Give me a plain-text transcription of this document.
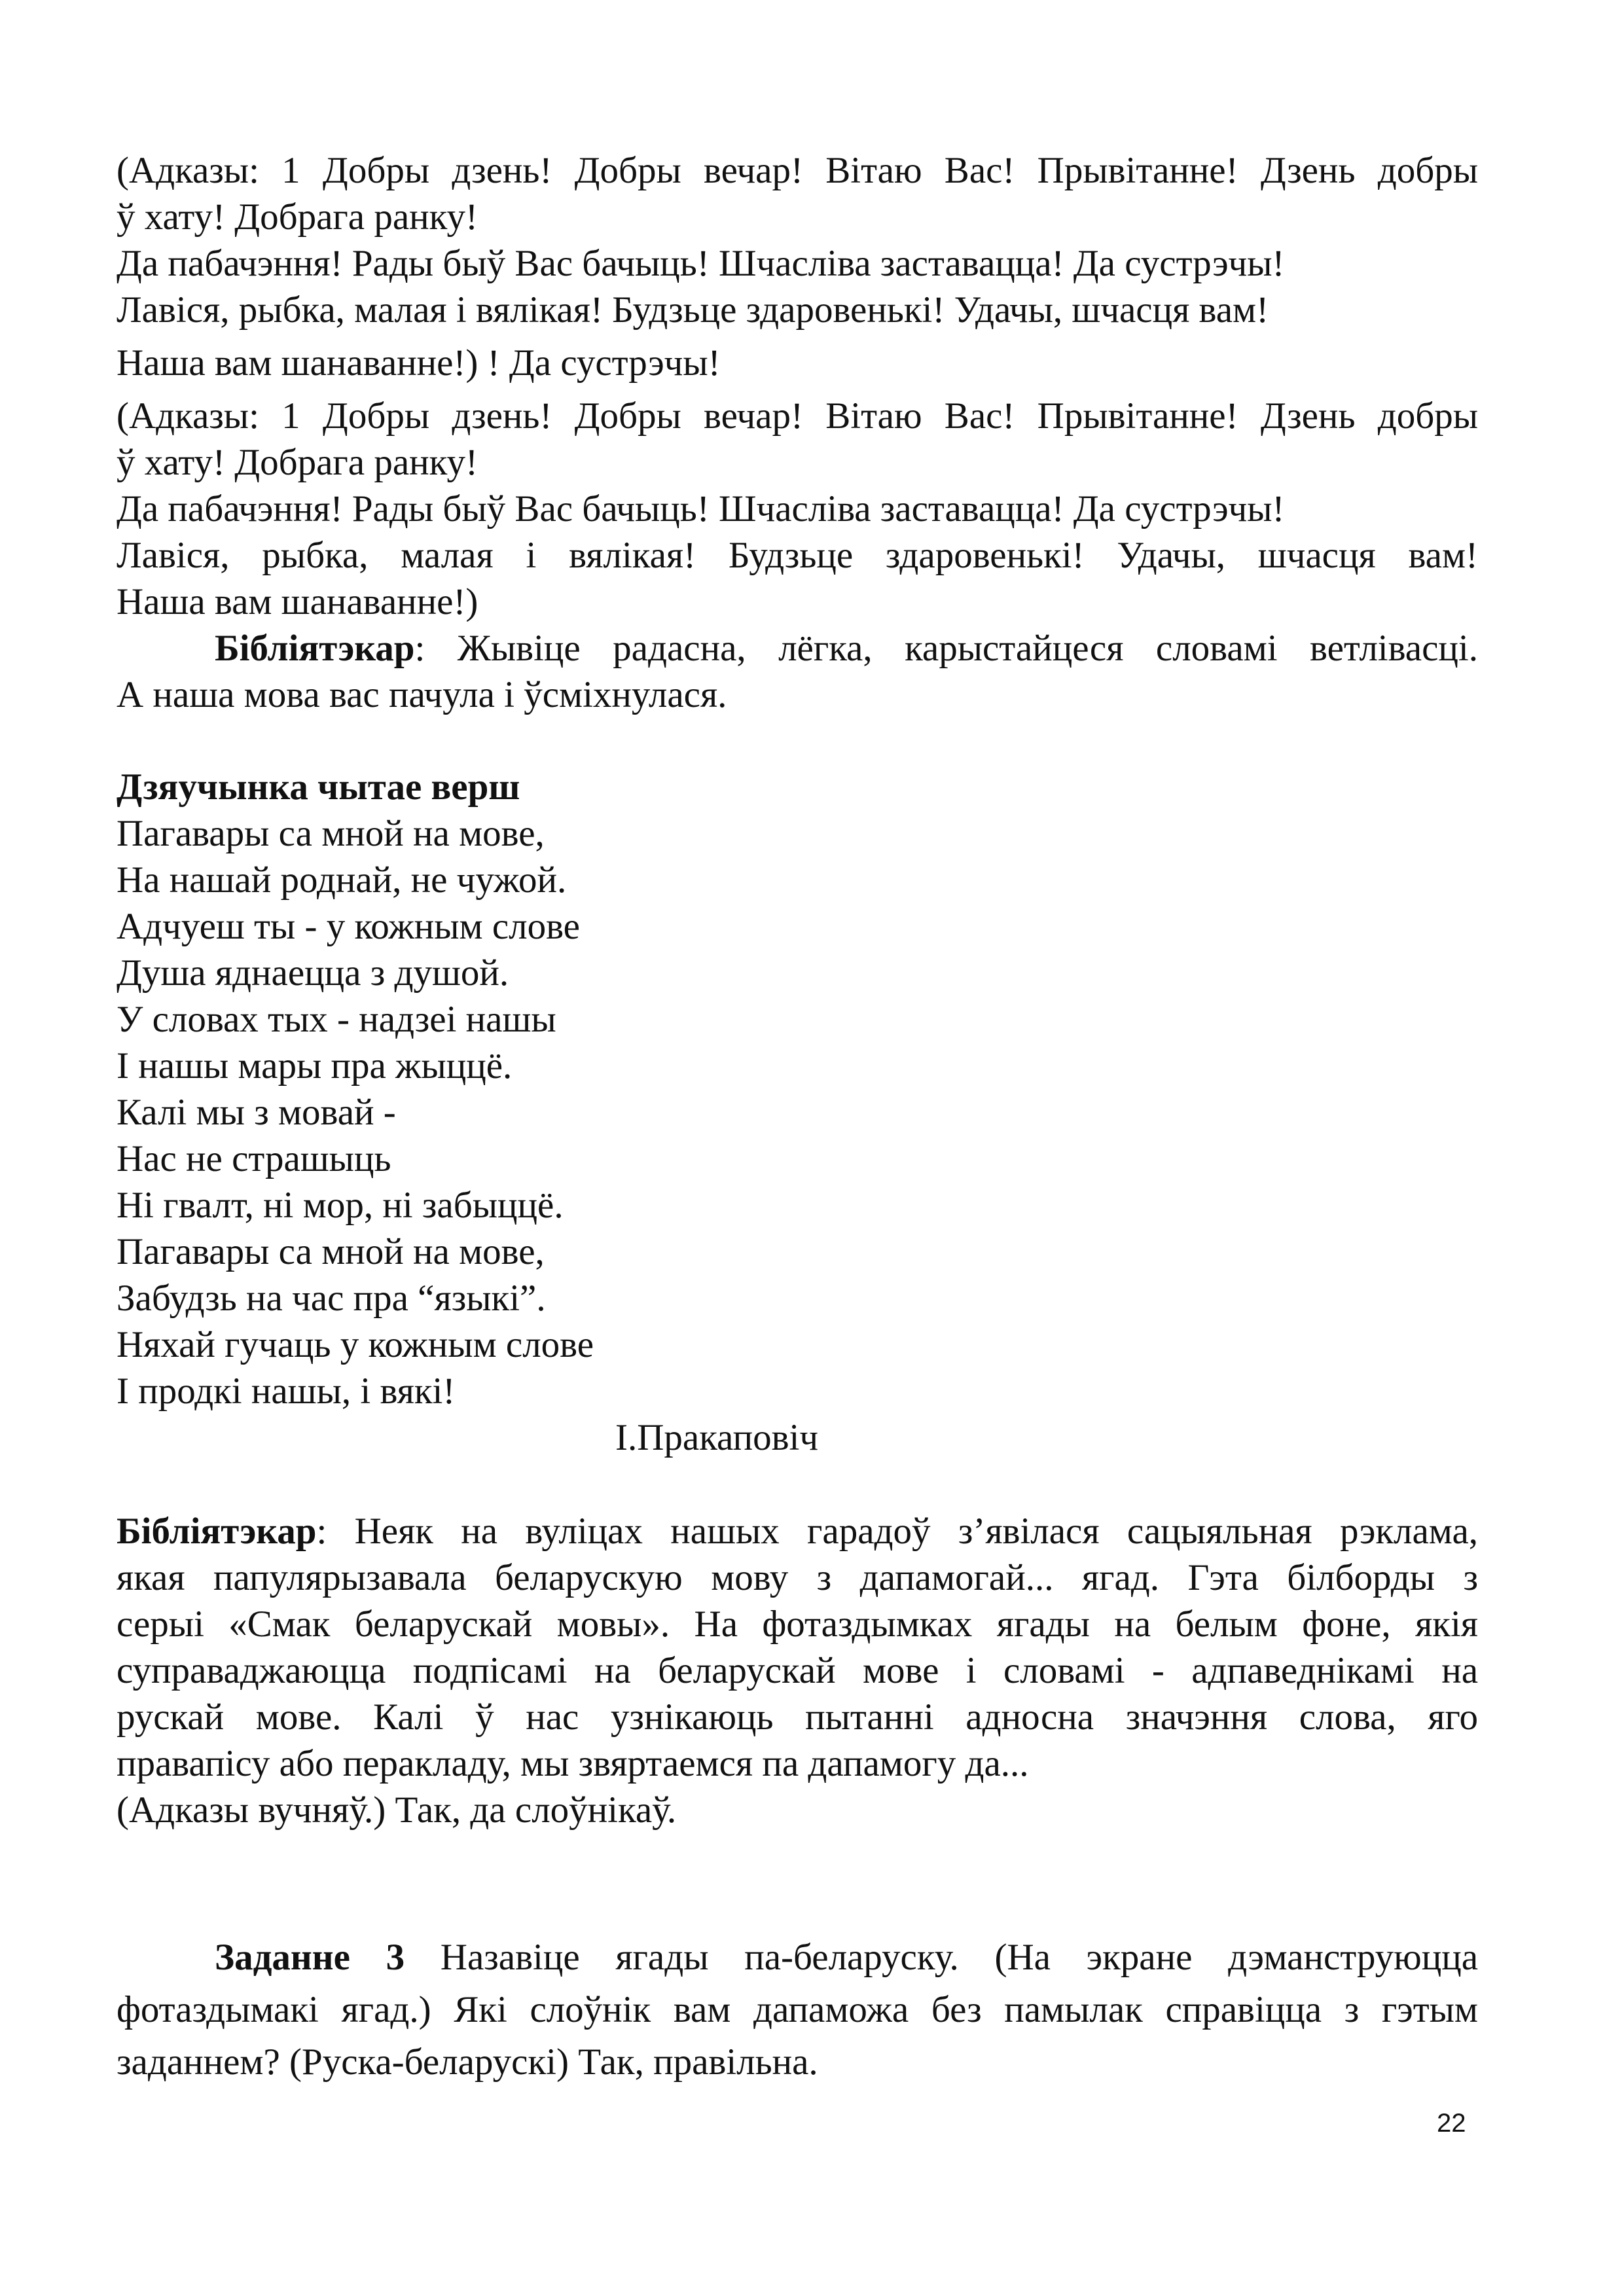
(Адказы: 1 Добры дзень! Добры вечар! Вітаю Вас! Прывітанне! Дзень добры
ў хату! Добрага ранку!
Да пабачэння! Рады быў Вас бачыць! Шчасліва заставацца! Да сустрэчы!
Лавіся, рыбка, малая і вялікая! Будзьце здаровенькі! Удачы, шчасця вам!
Наша вам шанаванне!) ! Да сустрэчы!
(Адказы: 1 Добры дзень! Добры вечар! Вітаю Вас! Прывітанне! Дзень добры
ў хату! Добрага ранку!
Да пабачэння! Рады быў Вас бачыць! Шчасліва заставацца! Да сустрэчы!
Лавіся, рыбка, малая і вялікая! Будзьце здаровенькі! Удачы, шчасця вам!
Наша вам шанаванне!)
Бібліятэкар: Жывіце радасна, лёгка, карыстайцеся словамі ветлівасці.
А наша мова вас пачула і ўсміхнулася.
Дзяучынка чытае верш
Пагавары са мной на мове,
На нашай роднай, не чужой.
Адчуеш ты - у кожным слове
Душа яднаецца з душой.
У словах тых - надзеі нашы
І нашы мары пра жыццё.
Калі мы з мовай -
Нас не страшыць
Ні гвалт, ні мор, ні забыццё.
Пагавары са мной на мове,
Забудзь на час пра “языкі”.
Няхай гучаць у кожным слове
І продкі нашы, і вякі!
І.Пракаповіч
Бібліятэкар: Неяк на вуліцах нашых гарадоў з’явілася сацыяльная рэклама,
якая папулярызавала беларускую мову з дапамогай... ягад. Гэта білборды з
серыі «Смак беларускай мовы». На фотаздымках ягады на белым фоне, якія
суправаджаюцца подпісамі на беларускай мове і словамі - адпаведнікамі на
рускай мове. Калі ў нас узнікаюць пытанні адносна значэння слова, яго
правапісу або перакладу, мы звяртаемся па дапамогу да...
(Адказы вучняў.) Так, да слоўнікаў.
Заданне 3 Назавіце ягады па-беларуску. (На экране дэманструюцца
фотаздымакі ягад.) Які слоўнік вам дапаможа без памылак справіцца з гэтым
заданнем? (Руска-беларускі) Так, правільна.
22
